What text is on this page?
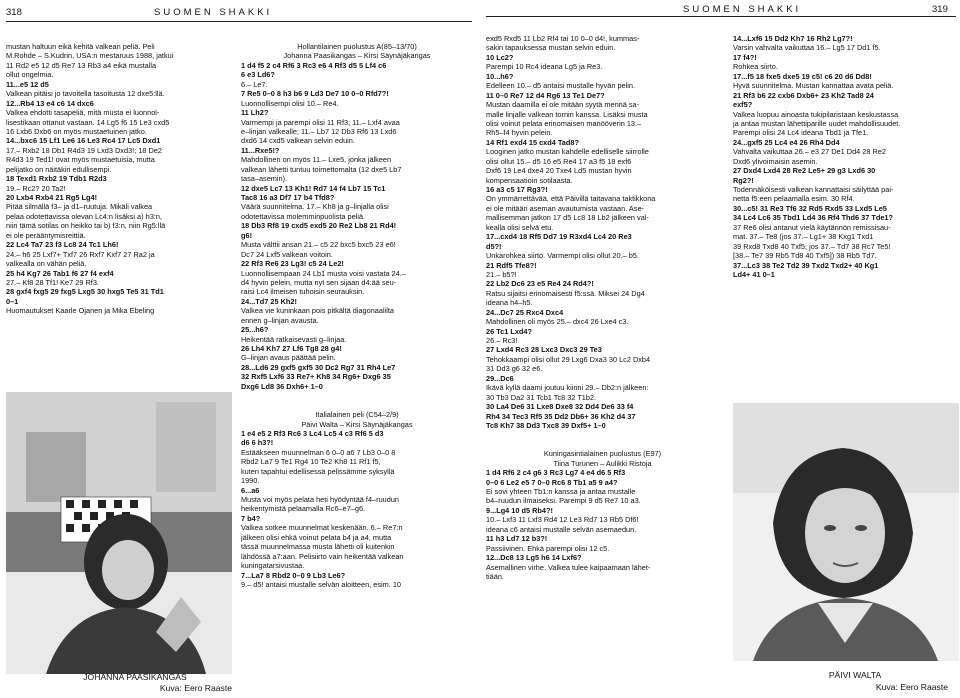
318	SUOMEN SHAKKI	SUOMEN SHAKKI	319
mustan haltuun eikä kehitä valkean peliä. Peli
M.Rohde – S.Kudrin, USA:n mestaruus 1988, jatkui
11 Rd2 e5 12 d5 Re7 13 Rb3 a4 eikä mustalla
ollut ongelmia.
11...e5 12 d5
Valkean pitäisi jo tavoitella tasoitusta 12 dxe5:llä.
12...Rb4 13 e4 c6 14 dxc6
Valkea ehdotti tasapeliä, mitä musta ei luonnol-
lisestikaan ottanut vastaan. 14 Lg5 f6 15 Le3 cxd5
16 Lxb6 Dxb6 on myös mustaetuinen jatko.
14...bxc6 15 Lf1 Le6 16 Le3 Rc4 17 Lc5 Dxd1
17.– Rxb2 18 Db1 R4d3 19 Lxd3 Dxd3!; 18 De2
R4d3 19 Ted1! ovat myös mustaetuisia, mutta
pelijatko on näitäkin edullisempi.
18 Texd1 Rxb2 19 Tdb1 R2d3
19.– Rc2? 20 Ta2!
20 Lxb4 Rxb4 21 Rg5 Lg4!
Pitää silmällä f3– ja d1–ruutuja. Mikäli valkea
pelaa odotettavissa olevan Lc4:n lisäksi a) h3:n,
niin tämä sotilas on heikko tai b) f3:n, niin Rg5:llä
ei ole perääntymisreittiä.
22 Lc4 Ta7 23 f3 Lc8 24 Tc1 Lh6!
24.– h6 25 Lxf7+ Txf7 26 Rxf7 Kxf7 27 Ra2 ja
valkealla on vähän peliä.
25 h4 Kg7 26 Tab1 f6 27 f4 exf4
27.– Kf8 28 Tf1! Ke7 29 Rf3.
28 gxf4 fxg5 29 fxg5 Lxg5 30 hxg5 Te5 31 Td1
0–1
Huomautukset Kaarle Ojanen ja Mika Ebeling
JOHANNA PAASIKANGAS
Kuva: Eero Raaste
Hollantilainen puolustus A(85–13/70)
Johanna Paasikangas – Kirsi Säynäjäkangas
1 d4 f5 2 c4 Rf6 3 Rc3 e6 4 Rf3 d5 5 Lf4 c6
6 e3 Ld6?
6.– Le7.
7 Re5 0–0 8 h3 b6 9 Ld3 De7 10 0–0 Rfd7?!
Luonnollisempi olisi 10.– Re4.
11 Lh2?
Varmempi ja parempi olisi 11 Rf3; 11.– Lxf4 avaa
e–linjan valkealle; 11.– Lb7 12 Db3 Rf6 13 Lxd6
dxd6 14 cxd5 valkean selvin eduin.
11...Rxe5!?
Mahdollinen on myös 11.– Lxe5, jonka jälkeen
valkean lähetti tuntuu toimettomalta (12 dxe5 Lb7
tasa–asemin).
12 dxe5 Lc7 13 Kh1! Rd7 14 f4 Lb7 15 Tc1
Tac8 16 a3 Df7 17 b4 Tfd8?
Väärä suunnitelma. 17.– Kh8 ja g–linjalla olisi
odotettavissa molemminpuolista peliä.
18 Db3 Rf8 19 cxd5 exd5 20 Re2 Lb8 21 Rd4!
g6!
Musta välttii ansan 21.– c5 22 bxc5 bxc5 23 e6!
Dc7 24 Lxf5 valkean voitoin.
22 Rf3 Re6 23 Lg3! c5 24 Le2!
Luonnollisempaan 24 Lb1 musta voisi vastata 24.–
d4 hyvin pelein, mutta nyt sen sijaan d4:ää seu-
raisi Lc4 ilmeisen tuhoisin seurauksin.
24...Td7 25 Kh2!
Valkea vie kuninkaan pois pitkältä diagonaalilta
ennen g–linjan avausta.
25...h6?
Heikentää ratkaisevasti g–linjaa.
26 Lh4 Kh7 27 Lf6 Tg8 28 g4!
G–linjan avaus päättää pelin.
28...Ld6 29 gxf5 gxf5 30 Dc2 Rg7 31 Rh4 Le7
32 Rxf5 Lxf6 33 Re7+ Kh8 34 Rg6+ Dxg6 35
Dxg6 Ld8 36 Dxh6+ 1–0
Italialainen peli (C54–2/9)
Päivi Walta – Kirsi Säynäjäkangas
1 e4 e5 2 Rf3 Rc6 3 Lc4 Lc5 4 c3 Rf6 5 d3
d6 6 h3?!
Estääkseen muunnelman 6 0–0 a6 7 Lb3 0–0 8
Rbd2 La7 9 Te1 Rg4 10 Te2 Kh8 11 Rf1 f5,
kuten tapahtui edellisessä pelissämme syksyllä
1990.
6...a6
Musta voi myös pelata heti hyödyntää f4–ruudun
heikentymistä pelaamalla Rc6–e7–g6.
7 b4?
Valkea sotkee muunnelmat keskenään. 6.– Re7:n
jälkeen olisi ehkä voinut pelata b4 ja a4, mutta
tässä muunnelmassa musta lähetti oli kuitenkin
lähdössä a7:aan. Pelisiirto vain heikentää valkean
kuningatarsivustaa.
7...La7 8 Rbd2 0–0 9 Lb3 Le6?
9.– d5! antaisi mustalle selvän aloitteen, esim. 10
exd5 Rxd5 11 Lb2 Rf4 tai 10 0–0 d4!, kummas-
sakin tapauksessa mustan selvin eduin.
10 Lc2?
Parempi 10 Rc4 ideana Lg5 ja Re3.
10...h6?
Edelleen 10.– d5 antaisi mustalle hyvän pelin.
11 0–0 Re7 12 d4 Rg6 13 Te1 De7?
Mustan daamilla ei ole mitään syytä mennä sa-
malle linjalle valkean tornin kanssa. Lisäksi musta
olisi voinut pelata erinomaisen manööverin 13.–
Rh5–f4 hyvin pelein.
14 Rf1 exd4 15 cxd4 Tad8?
Looginen jatko mustan kahdelle edelliselle siirrolle
olisi ollut 15.– d5 16 e5 Re4 17 a3 f5 18 exf6
Dxf6 19 Le4 dxe4 20 Txe4 Ld5 mustan hyvin
kompensaatioin sotilaasta.
16 a3 c5 17 Rg3?!
On ymmärrettävää, että Päivillä taitavana taktikkona
ei ole mitään aseman avautumista vastaan. Ase-
mallisemman jatkon 17 d5 Lc8 18 Lb2 jälkeen val-
kealla olisi selvä etu.
17...cxd4 18 Rf5 Dd7 19 R3xd4 Lc4 20 Re3
d5?!
Unkarohkea siirto. Varmempi olisi ollut 20.– b5.
21 Rdf5 Tfe8?!
21.– b5?!
22 Lb2 Dc6 23 e5 Re4 24 Rd4?!
Ratsu sijaitsi erinomaisesti f5:ssä. Miksei 24 Dg4
ideana h4–h5.
24...Dc7 25 Rxc4 Dxc4
Mahdollinen oli myös 25.– dxc4 26 Lxe4 c3.
26 Tc1 Lxd4?
26.– Rc3!
27 Lxd4 Rc3 28 Lxc3 Dxc3 29 Te3
Tehokkaampi olisi ollut 29 Lxg6 Dxa3 30 Lc2 Dxb4
31 Dd3 g6 32 e6.
29...Dc6
Ikävä kyllä daami joutuu kiinni 29.– Db2:n jälkeen:
30 Tb3 Da2 31 Tcb1 Tc8 32 T1b2.
30 La4 De6 31 Lxe8 Dxe8 32 Dd4 De6 33 f4
Rh4 34 Tec3 Rf5 35 Dd2 Db6+ 36 Kh2 d4 37
Tc8 Kh7 38 Dd3 Txc8 39 Dxf5+ 1–0
Kuningasintialainen puolustus (E97)
Tiina Turunen – Aulikki Ristoja
1 d4 Rf6 2 c4 g6 3 Rc3 Lg7 4 e4 d6 5 Rf3
0–0 6 Le2 e5 7 0–0 Rc6 8 Tb1 a5 9 a4?
Ei sovi yhteen Tb1:n kanssa ja antaa mustalle
b4–ruudun ilmaiseksi. Parempi 9 d5 Re7 10 a3.
9...Lg4 10 d5 Rb4?!
10.– Lxf3 11 Lxf3 Rd4 12 Le3 Rd7 13 Rb5 Df6!
ideana c6 antaisi mustalle selvän asemaedun.
11 h3 Ld7 12 b3?!
Passiivinen. Ehkä parempi olisi 12 c5.
12...Dc8 13 Lg5 h6 14 Lxf6?
Asemallinen virhe. Valkea tulee kaipaamaan lähet-
tiään.
14...Lxf6 15 Dd2 Kh7 16 Rh2 Lg7?!
Varsin vahvalta vaikuttaa 16.– Lg5 17 Dd1 f5.
17 f4?!
Rohkea siirto.
17...f5 18 fxe5 dxe5 19 c5! c6 20 d6 Dd8!
Hyvä suunnitelma. Mustan kannattaa avata peliä.
21 Rf3 b6 22 cxb6 Dxb6+ 23 Kh2 Tad8 24
exf5?
Valkea luopuu ainoasta tukipilaristaan keskustassa
ja antaa mustan lähettiparille uudet mahdollisuudet.
Parempi olisi 24 Lc4 ideana Tbd1 ja Tfe1.
24...gxf5 25 Lc4 e4 26 Rh4 Dd4
Vahvalta vaikuttaa 26.– e3 27 De1 Dd4 28 Re2
Dxd6 ylivoimaisin asemin.
27 Dxd4 Lxd4 28 Re2 Le5+ 29 g3 Lxd6 30
Rg2?!
Todennäköisesti valkean kannattaisi säilyttää pai-
netta f5:een pelaamalla esim. 30 Rf4.
30...c5! 31 Re3 Tf6 32 Rd5 Rxd5 33 Lxd5 Le5
34 Lc4 Lc6 35 Tbd1 Ld4 36 Rf4 Thd6 37 Tde1?
37 Re6 olisi antanut vielä käytännön remissisau-
mat. 37.– Te8 (jos 37.– Lg1+ 38 Kxg1 Txd1
39 Rxd8 Txd8 40 Txf5; jos 37.– Td7 38 Rc7 Te5!
[38.– Te7 39 Rb5 Td8 40 Txf5]) 38 Rb5 Td7.
37...Lc3 38 Te2 Td2 39 Txd2 Txd2+ 40 Kg1
Ld4+ 41 0–1
PÄIVI WALTA
Kuva: Eero Raaste
